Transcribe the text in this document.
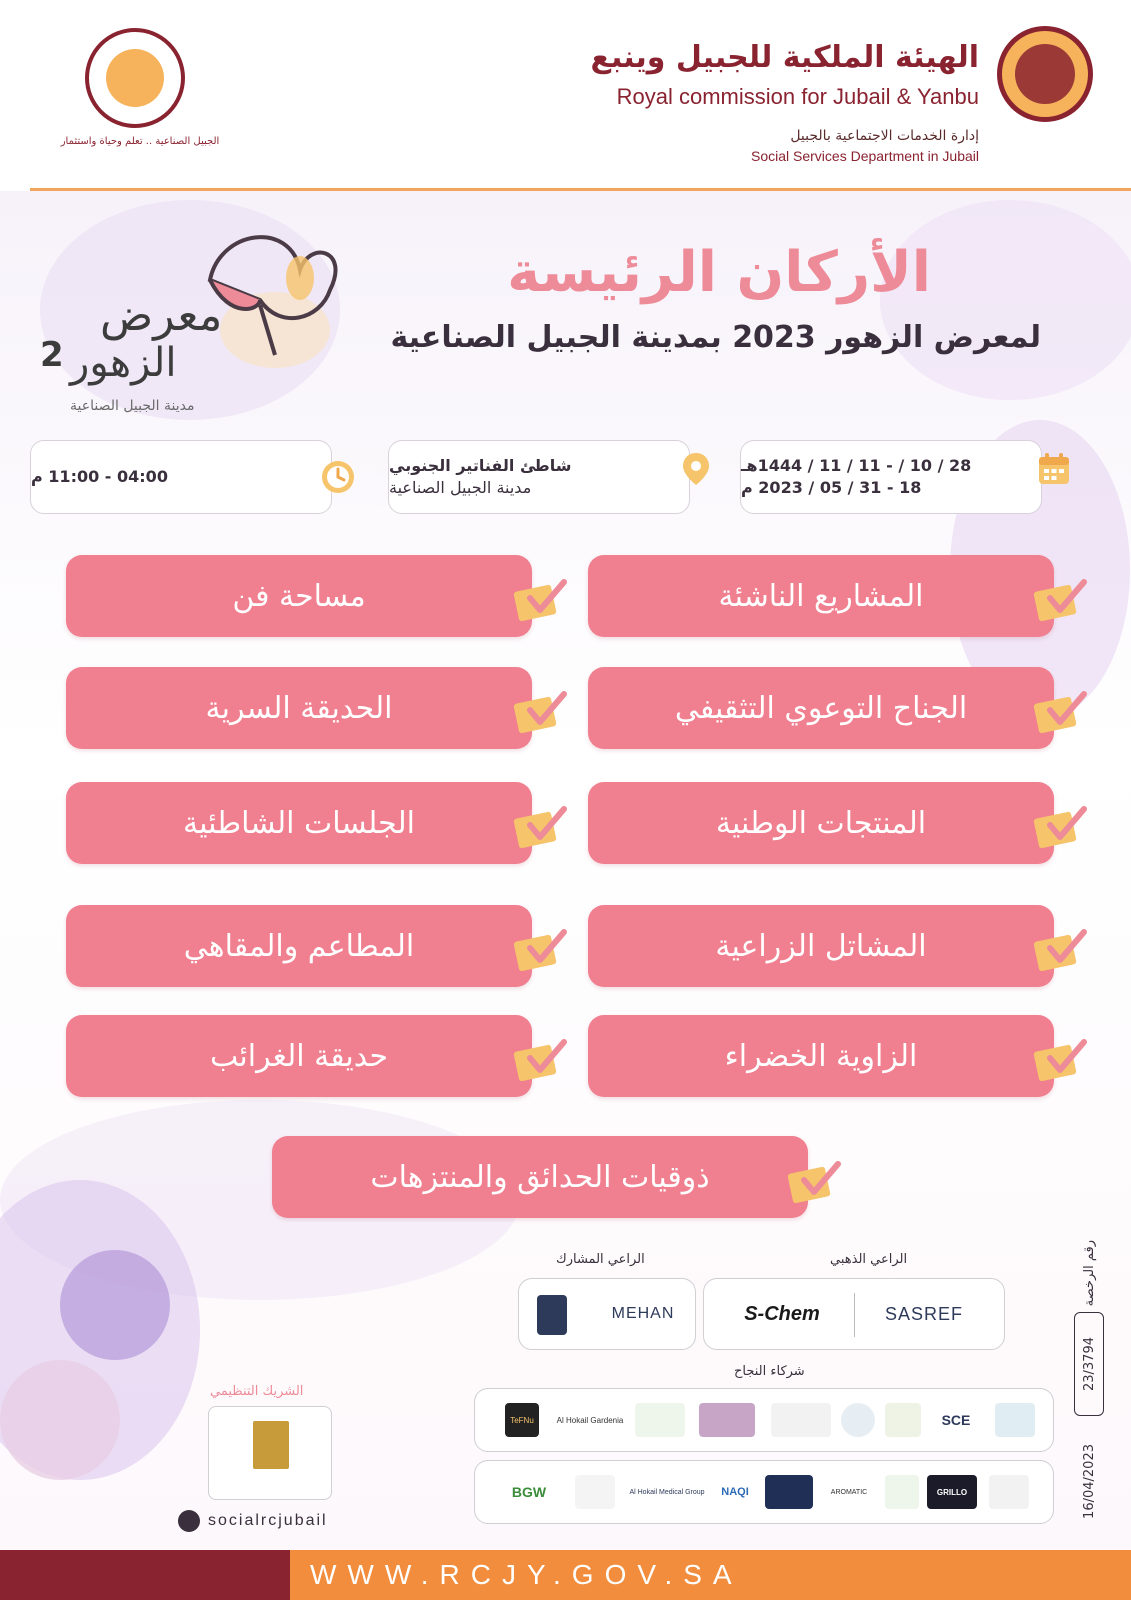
الهيئة الملكية للجبيل وينبع
Royal commission for Jubail & Yanbu
إدارة الخدمات الاجتماعية بالجبيل
Social Services Department in Jubail
الجبيل الصناعية .. تعلم وحياة واستثمار
الأركان الرئيسة
لمعرض الزهور 2023 بمدينة الجبيل الصناعية
معرض
الزهور
2
مدينة الجبيل الصناعية
28 / 10 / - 11 / 11 / 1444هـ
18 - 31 / 05 / 2023 م
شاطئ الفناتير الجنوبي
مدينة الجبيل الصناعية
04:00 - 11:00 م
المشاريع الناشئة
الجناح التوعوي التثقيفي
المنتجات الوطنية
المشاتل الزراعية
الزاوية الخضراء
مساحة فن
الحديقة السرية
الجلسات الشاطئية
المطاعم والمقاهي
حديقة الغرائب
ذوقيات الحدائق والمنتزهات
الراعي الذهبي
الراعي المشارك
SASREF
S-Chem
MEHAN
شركاء النجاح
TeFNu	Al Hokail Gardenia	SCE
BGW	Al Hokail Medical Group	NAQI	AROMATIC	GRILLO
الشريك التنظيمي
socialrcjubail
رقم الرخصة
23/3794
16/04/2023
WWW.RCJY.GOV.SA
